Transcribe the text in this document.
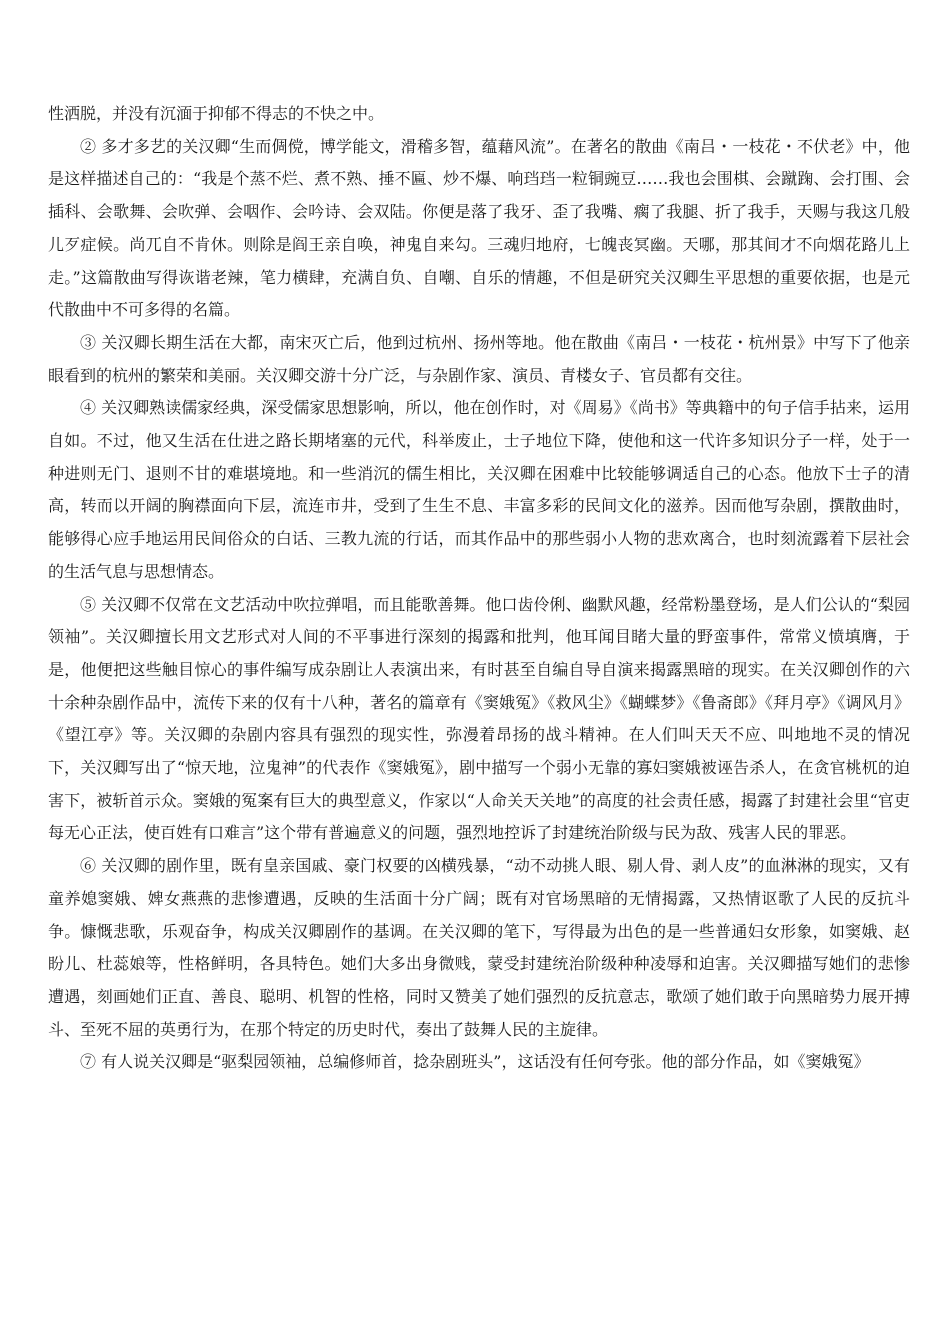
性洒脱，并没有沉湎于抑郁不得志的不快之中。

② 多才多艺的关汉卿“生而倜傥，博学能文，滑稽多智，蕴藉风流”。在著名的散曲《南吕・一枝花・不伏老》中，他是这样描述自己的：“我是个蒸不烂、煮不熟、捶不匾、炒不爆、响珰珰一粒铜豌豆……我也会围棋、会蹴踘、会打围、会插科、会歌舞、会吹弹、会咽作、会吟诗、会双陆。你便是落了我牙、歪了我嘴、瘸了我腿、折了我手，天赐与我这几般儿歹症候。尚兀自不肯休。则除是阎王亲自唤，神鬼自来勾。三魂归地府，七魄丧冥幽。天哪，那其间才不向烟花路儿上走。”这篇散曲写得诙谐老辣，笔力横肆，充满自负、自嘲、自乐的情趣，不但是研究关汉卿生平思想的重要依据，也是元代散曲中不可多得的名篇。

③ 关汉卿长期生活在大都，南宋灭亡后，他到过杭州、扬州等地。他在散曲《南吕・一枝花・杭州景》中写下了他亲眼看到的杭州的繁荣和美丽。关汉卿交游十分广泛，与杂剧作家、演员、青楼女子、官员都有交往。

④ 关汉卿熟读儒家经典，深受儒家思想影响，所以，他在创作时，对《周易》《尚书》等典籍中的句子信手拈来，运用自如。不过，他又生活在仕进之路长期堵塞的元代，科举废止，士子地位下降，使他和这一代许多知识分子一样，处于一种进则无门、退则不甘的难堪境地。和一些消沉的儒生相比，关汉卿在困难中比较能够调适自己的心态。他放下士子的清高，转而以开阔的胸襟面向下层，流连市井，受到了生生不息、丰富多彩的民间文化的滋养。因而他写杂剧，撰散曲时，能够得心应手地运用民间俗众的白话、三教九流的行话，而其作品中的那些弱小人物的悲欢离合，也时刻流露着下层社会的生活气息与思想情态。

⑤ 关汉卿不仅常在文艺活动中吹拉弹唱，而且能歌善舞。他口齿伶俐、幽默风趣，经常粉墨登场，是人们公认的“梨园领袖”。关汉卿擅长用文艺形式对人间的不平事进行深刻的揭露和批判，他耳闻目睹大量的野蛮事件，常常义愤填膺，于是，他便把这些触目惊心的事件编写成杂剧让人表演出来，有时甚至自编自导自演来揭露黑暗的现实。在关汉卿创作的六十余种杂剧作品中，流传下来的仅有十八种，著名的篇章有《窦娥冤》《救风尘》《蝴蝶梦》《鲁斋郎》《拜月亭》《调风月》《望江亭》等。关汉卿的杂剧内容具有强烈的现实性，弥漫着昂扬的战斗精神。在人们叫天天不应、叫地地不灵的情况下，关汉卿写出了“惊天地，泣鬼神”的代表作《窦娥冤》，剧中描写一个弱小无靠的寡妇窦娥被诬告杀人，在贪官桃杌的迫害下，被斩首示众。窦娥的冤案有巨大的典型意义，作家以“人命关天关地”的高度的社会责任感，揭露了封建社会里“官吏每无心正法，使百姓有口难言”这个带有普遍意义的问题，强烈地控诉了封建统治阶级与民为敌、残害人民的罪恶。

⑥ 关汉卿的剧作里，既有皇亲国戚、豪门权要的凶横残暴，“动不动挑人眼、剔人骨、剥人皮”的血淋淋的现实，又有童养媳窦娥、婢女燕燕的悲惨遭遇，反映的生活面十分广阔；既有对官场黑暗的无情揭露，又热情讴歌了人民的反抗斗争。慷慨悲歌，乐观奋争，构成关汉卿剧作的基调。在关汉卿的笔下，写得最为出色的是一些普通妇女形象，如窦娥、赵盼儿、杜蕊娘等，性格鲜明，各具特色。她们大多出身微贱，蒙受封建统治阶级种种凌辱和迫害。关汉卿描写她们的悲惨遭遇，刻画她们正直、善良、聪明、机智的性格，同时又赞美了她们强烈的反抗意志，歌颂了她们敢于向黑暗势力展开搏斗、至死不屈的英勇行为，在那个特定的历史时代，奏出了鼓舞人民的主旋律。

⑦ 有人说关汉卿是“驱梨园领袖，总编修师首，捻杂剧班头”，这话没有任何夸张。他的部分作品，如《窦娥冤》
